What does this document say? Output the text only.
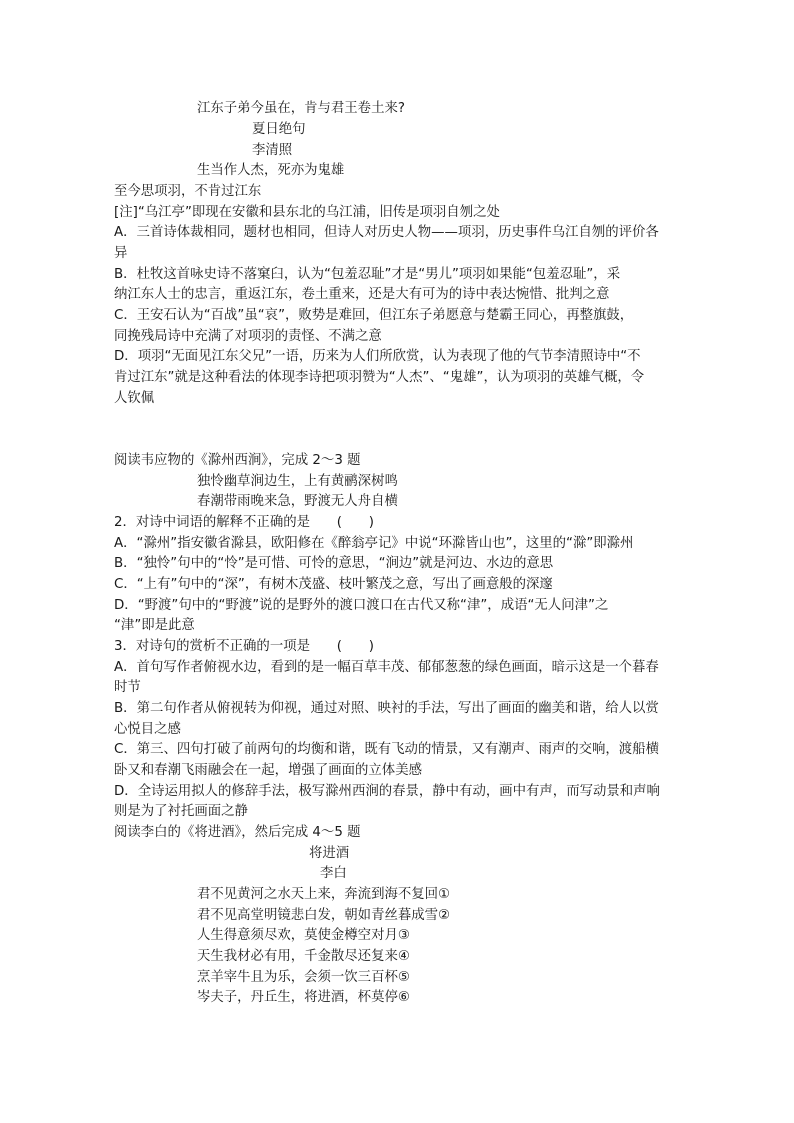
江东子弟今虽在，肯与君王卷土来?
夏日绝句
李清照
生当作人杰，死亦为鬼雄
至今思项羽，不肯过江东
[注]“乌江亭”即现在安徽和县东北的乌江浦，旧传是项羽自刎之处
A．三首诗体裁相同，题材也相同，但诗人对历史人物——项羽，历史事件乌江自刎的评价各
异
B．杜牧这首咏史诗不落窠臼，认为“包羞忍耻”才是“男儿”项羽如果能“包羞忍耻”，采
纳江东人士的忠言，重返江东，卷土重来，还是大有可为的诗中表达惋惜、批判之意
C．王安石认为“百战”虽“哀”，败势是难回，但江东子弟愿意与楚霸王同心，再整旗鼓，
同挽残局诗中充满了对项羽的责怪、不满之意
D．项羽“无面见江东父兄”一语，历来为人们所欣赏，认为表现了他的气节李清照诗中“不
肯过江东”就是这种看法的体现李诗把项羽赞为“人杰”、“鬼雄”，认为项羽的英雄气概，令
人钦佩
阅读韦应物的《滁州西涧》，完成 2～3 题
独怜幽草涧边生，上有黄鹂深树鸣
春潮带雨晚来急，野渡无人舟自横
2．对诗中词语的解释不正确的是　　(　　)
A．“滁州”指安徽省滁县，欧阳修在《醉翁亭记》中说“环滁皆山也”，这里的“滁”即滁州
B．“独怜”句中的“怜”是可惜、可怜的意思，“涧边”就是河边、水边的意思
C．“上有”句中的“深”，有树木茂盛、枝叶繁茂之意，写出了画意般的深邃
D．“野渡”句中的“野渡”说的是野外的渡口渡口在古代又称“津”，成语“无人问津”之
“津”即是此意
3．对诗句的赏析不正确的一项是　　(　　)
A．首句写作者俯视水边，看到的是一幅百草丰茂、郁郁葱葱的绿色画面，暗示这是一个暮春
时节
B．第二句作者从俯视转为仰视，通过对照、映衬的手法，写出了画面的幽美和谐，给人以赏
心悦目之感
C．第三、四句打破了前两句的均衡和谐，既有飞动的情景，又有潮声、雨声的交响，渡船横
卧又和春潮飞雨融会在一起，增强了画面的立体美感
D．全诗运用拟人的修辞手法，极写滁州西涧的春景，静中有动，画中有声，而写动景和声响
则是为了衬托画面之静
阅读李白的《将进酒》，然后完成 4～5 题
将进酒
李白
君不见黄河之水天上来，奔流到海不复回①
君不见高堂明镜悲白发，朝如青丝暮成雪②
人生得意须尽欢，莫使金樽空对月③
天生我材必有用，千金散尽还复来④
烹羊宰牛且为乐，会须一饮三百杯⑤
岑夫子，丹丘生，将进酒，杯莫停⑥
